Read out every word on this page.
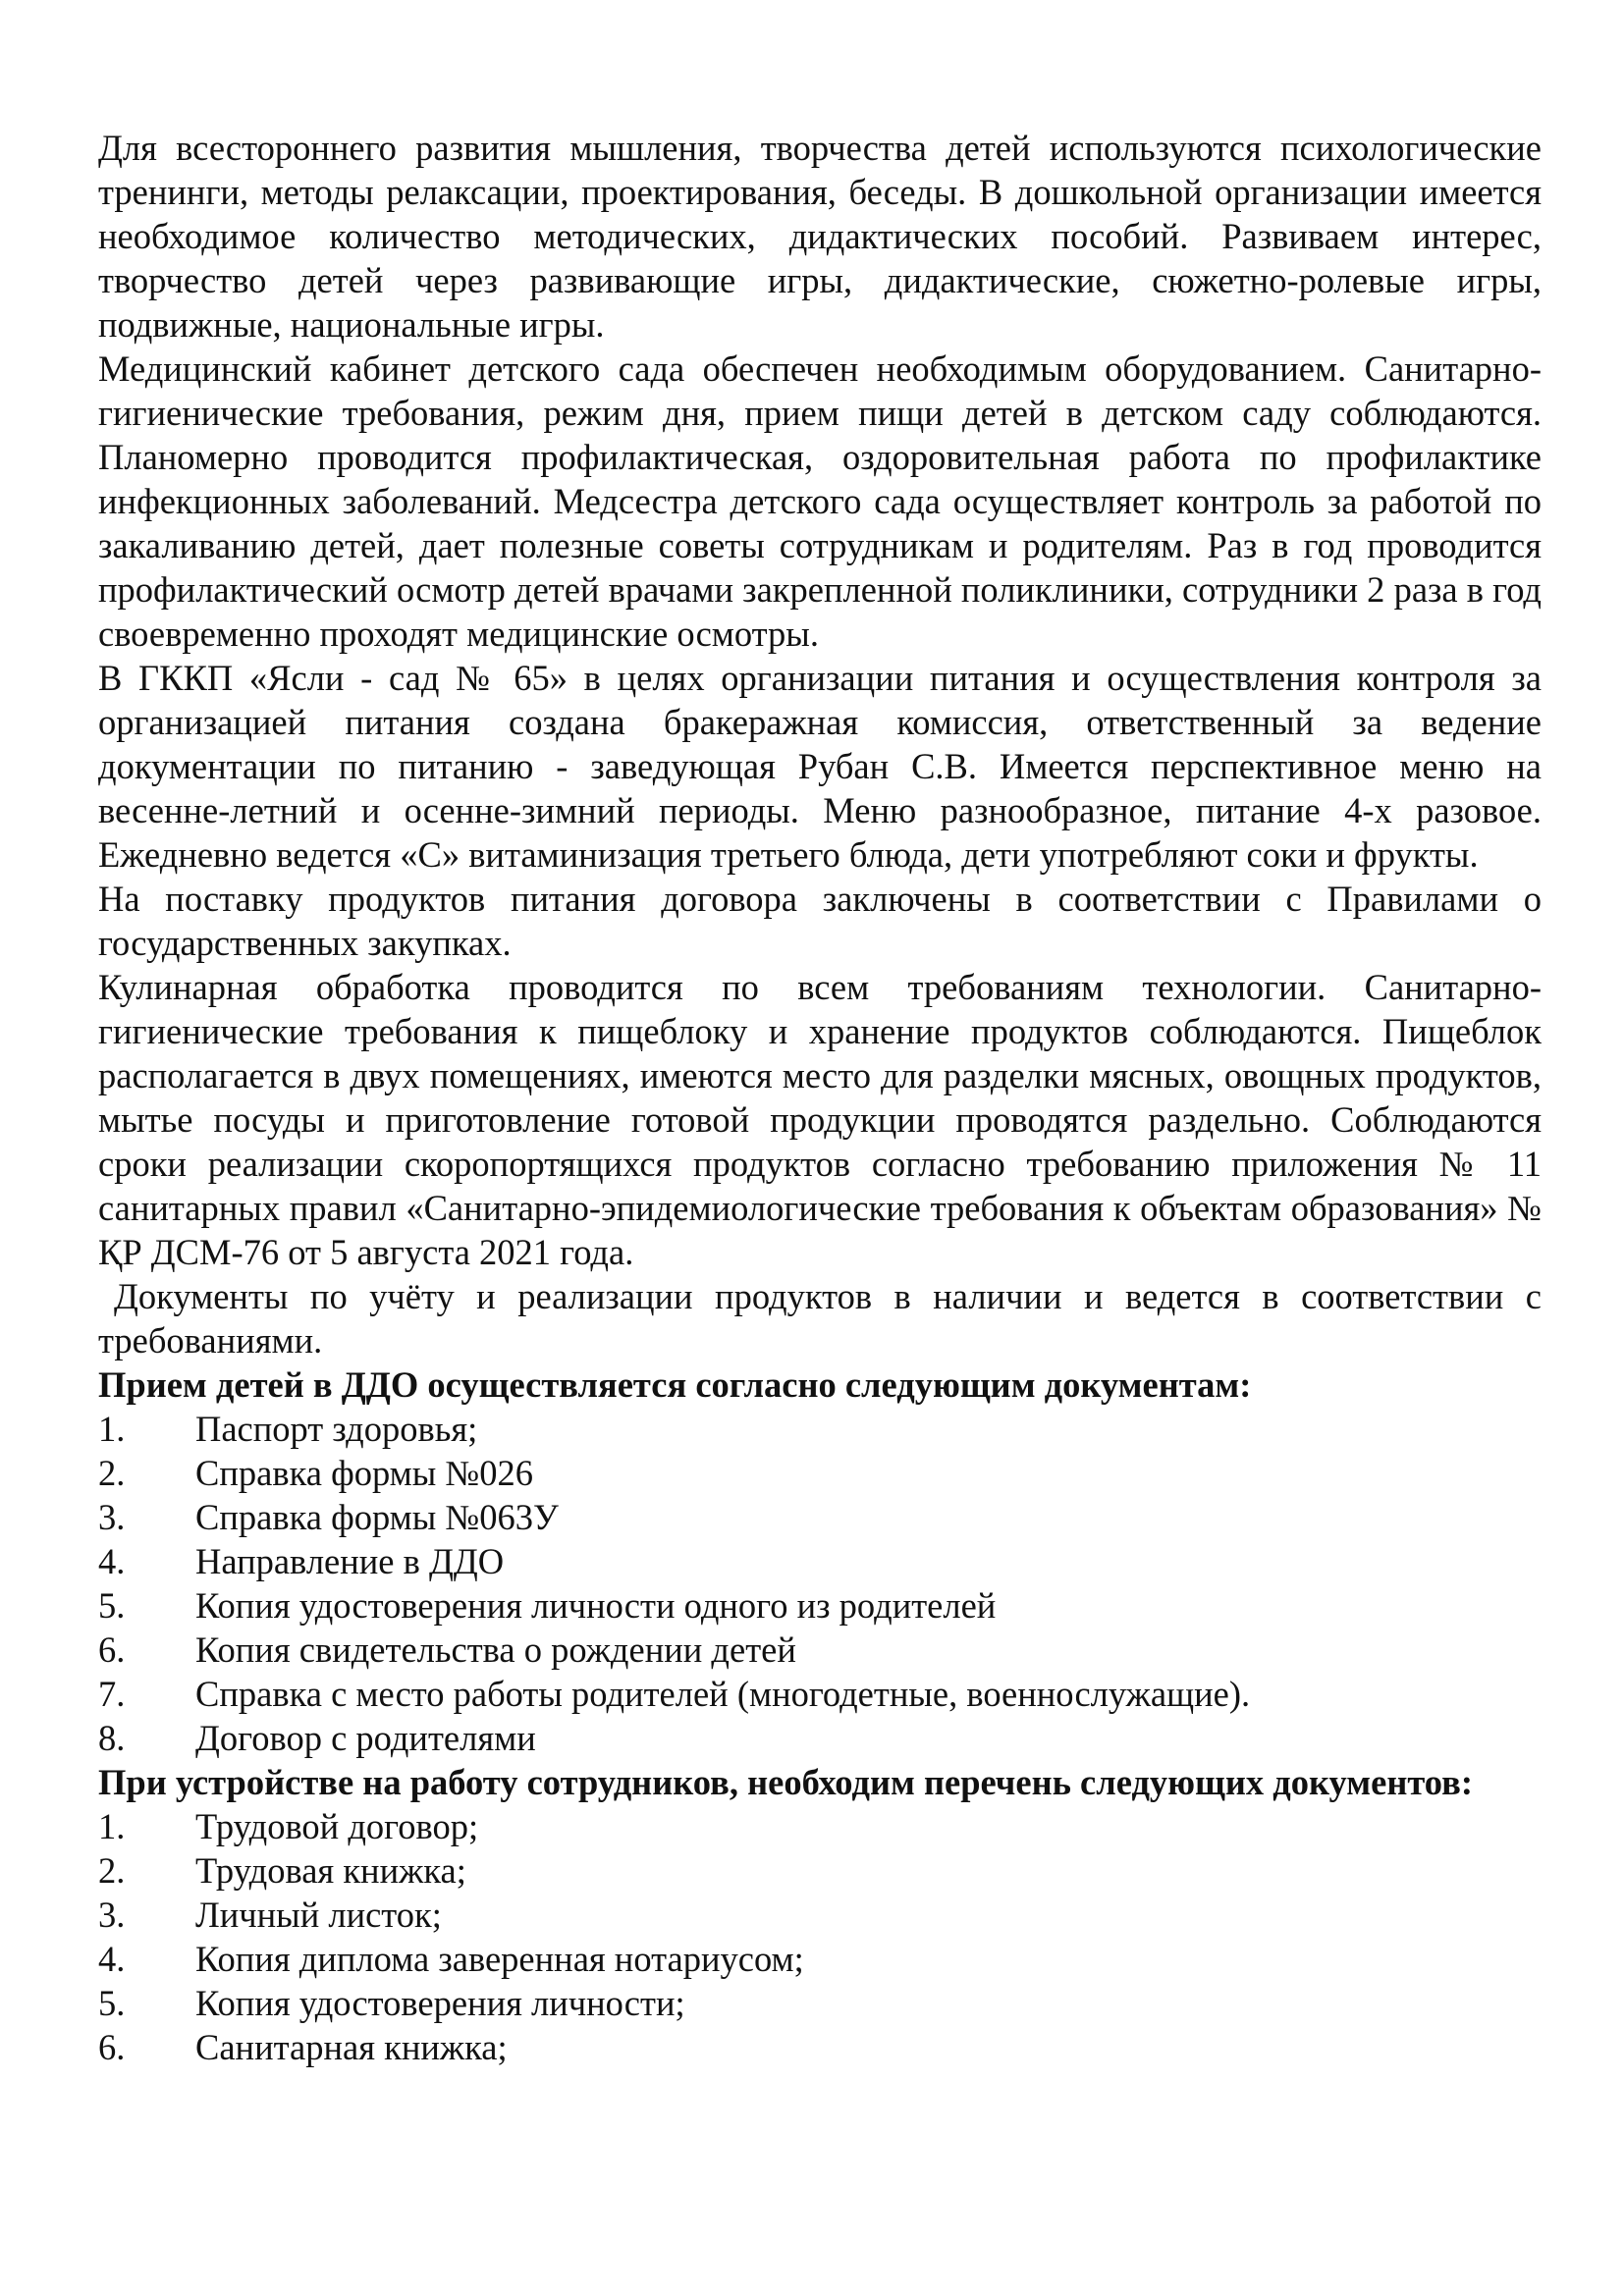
Для всестороннего развития мышления, творчества детей используются психологические тренинги, методы релаксации, проектирования, беседы. В дошкольной организации имеется необходимое количество методических, дидактических пособий. Развиваем интерес, творчество детей через развивающие игры, дидактические, сюжетно-ролевые игры, подвижные, национальные игры.

Медицинский кабинет детского сада обеспечен необходимым оборудованием. Санитарно-гигиенические требования, режим дня, прием пищи детей в детском саду соблюдаются. Планомерно проводится профилактическая, оздоровительная работа по профилактике инфекционных заболеваний. Медсестра детского сада осуществляет контроль за работой по закаливанию детей, дает полезные советы сотрудникам и родителям. Раз в год проводится профилактический осмотр детей врачами закрепленной поликлиники, сотрудники 2 раза в год своевременно проходят медицинские осмотры.

В ГККП «Ясли - сад № 65» в целях организации питания и осуществления контроля за организацией питания создана бракеражная комиссия, ответственный за ведение документации по питанию - заведующая Рубан С.В. Имеется перспективное меню на весенне-летний и осенне-зимний периоды. Меню разнообразное, питание 4-х разовое. Ежедневно ведется «С» витаминизация третьего блюда, дети употребляют соки и фрукты.

На поставку продуктов питания договора заключены в соответствии с Правилами о государственных закупках.

Кулинарная обработка проводится по всем требованиям технологии. Санитарно-гигиенические требования к пищеблоку и хранение продуктов соблюдаются. Пищеблок располагается в двух помещениях, имеются место для разделки мясных, овощных продуктов, мытье посуды и приготовление готовой продукции проводятся раздельно. Соблюдаются сроки реализации скоропортящихся продуктов согласно требованию приложения № 11 санитарных правил «Санитарно-эпидемиологические требования к объектам образования» № ҚР ДСМ-76 от 5 августа 2021 года.

Документы по учёту и реализации продуктов в наличии и ведется в соответствии с требованиями.

Прием детей в ДДО осуществляется согласно следующим документам:

1.	Паспорт здоровья;
2.	Справка формы №026
3.	Справка формы №063У
4.	Направление в ДДО
5.	Копия удостоверения личности одного из родителей
6.	Копия свидетельства о рождении детей
7.	Справка с место работы родителей (многодетные, военнослужащие).
8.	Договор с родителями

При устройстве на работу сотрудников, необходим перечень следующих документов:

1.	Трудовой договор;
2.	Трудовая книжка;
3.	Личный листок;
4.	Копия диплома заверенная нотариусом;
5.	Копия удостоверения личности;
6.	Санитарная книжка;
